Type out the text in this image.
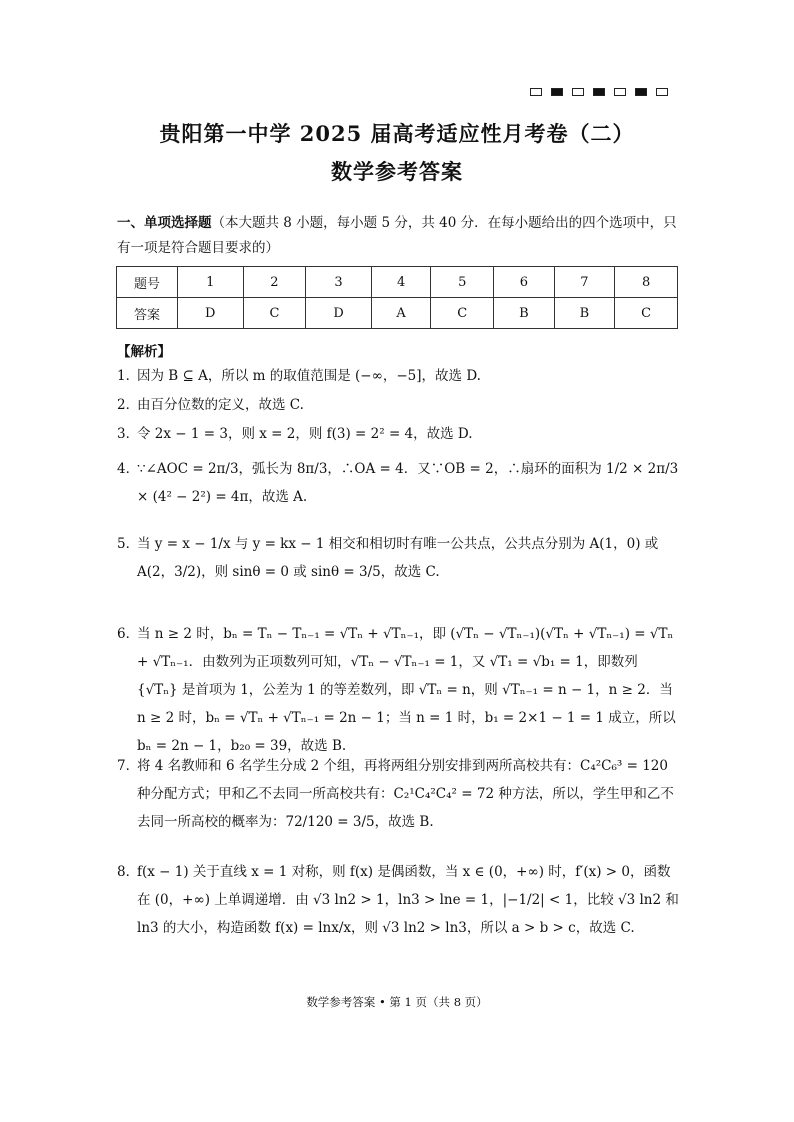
贵阳第一中学 2025 届高考适应性月考卷（二）
数学参考答案
一、单项选择题（本大题共 8 小题，每小题 5 分，共 40 分．在每小题给出的四个选项中，只有一项是符合题目要求的）
题号	1	2	3	4	5	6	7	8
答案	D	C	D	A	C	B	B	C
【解析】
1．
因为 B ⊆ A，所以 m 的取值范围是 (−∞，−5]，故选 D.
2．
由百分位数的定义，故选 C.
3．
令 2x − 1 = 3，则 x = 2，则 f(3) = 2² = 4，故选 D.
4．
∵∠AOC = 2π/3，弧长为 8π/3，∴OA = 4．又∵OB = 2，∴扇环的面积为 1/2 × 2π/3 × (4² − 2²) = 4π，故选 A.
5．
当 y = x − 1/x 与 y = kx − 1 相交和相切时有唯一公共点，公共点分别为 A(1，0) 或 A(2，3/2)，则 sinθ = 0 或 sinθ = 3/5，故选 C.
6．
当 n ≥ 2 时，bₙ = Tₙ − Tₙ₋₁ = √Tₙ + √Tₙ₋₁，即 (√Tₙ − √Tₙ₋₁)(√Tₙ + √Tₙ₋₁) = √Tₙ + √Tₙ₋₁．由数列为正项数列可知，√Tₙ − √Tₙ₋₁ = 1，又 √T₁ = √b₁ = 1，即数列 {√Tₙ} 是首项为 1，公差为 1 的等差数列，即 √Tₙ = n，则 √Tₙ₋₁ = n − 1，n ≥ 2．当 n ≥ 2 时，bₙ = √Tₙ + √Tₙ₋₁ = 2n − 1；当 n = 1 时，b₁ = 2×1 − 1 = 1 成立，所以 bₙ = 2n − 1，b₂₀ = 39，故选 B.
7．
将 4 名教师和 6 名学生分成 2 个组，再将两组分别安排到两所高校共有：C₄²C₆³ = 120 种分配方式；甲和乙不去同一所高校共有：C₂¹C₄²C₄² = 72 种方法，所以，学生甲和乙不去同一所高校的概率为：72/120 = 3/5，故选 B.
8．
f(x − 1) 关于直线 x = 1 对称，则 f(x) 是偶函数，当 x ∈ (0，+∞) 时，f′(x) > 0，函数在 (0，+∞) 上单调递增．由 √3 ln2 > 1，ln3 > lne = 1，|−1/2| < 1，比较 √3 ln2 和 ln3 的大小，构造函数 f(x) = lnx/x，则 √3 ln2 > ln3，所以 a > b > c，故选 C.
数学参考答案 • 第 1 页（共 8 页）
